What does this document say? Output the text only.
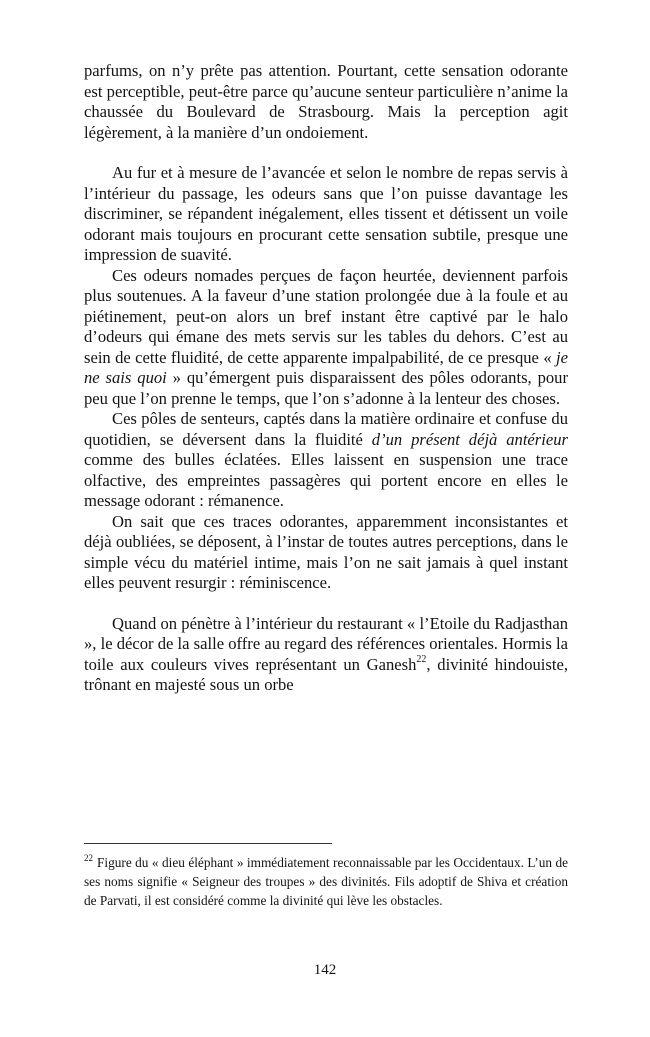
parfums, on n’y prête pas attention. Pourtant, cette sensation odorante est perceptible, peut-être parce qu’aucune senteur particulière n’anime la chaussée du Boulevard de Strasbourg. Mais la perception agit légèrement, à la manière d’un ondoiement.

Au fur et à mesure de l’avancée et selon le nombre de repas servis à l’intérieur du passage, les odeurs sans que l’on puisse davantage les discriminer, se répandent inégalement, elles tissent et détissent un voile odorant mais toujours en procurant cette sensation subtile, presque une impression de suavité.

Ces odeurs nomades perçues de façon heurtée, deviennent parfois plus soutenues. A la faveur d’une station prolongée due à la foule et au piétinement, peut-on alors un bref instant être captivé par le halo d’odeurs qui émane des mets servis sur les tables du dehors. C’est au sein de cette fluidité, de cette apparente impalpabilité, de ce presque « je ne sais quoi » qu’émergent puis disparaissent des pôles odorants, pour peu que l’on prenne le temps, que l’on s’adonne à la lenteur des choses.

Ces pôles de senteurs, captés dans la matière ordinaire et confuse du quotidien, se déversent dans la fluidité d’un présent déjà antérieur comme des bulles éclatées. Elles laissent en suspension une trace olfactive, des empreintes passagères qui portent encore en elles le message odorant : rémanence.

On sait que ces traces odorantes, apparemment inconsistantes et déjà oubliées, se déposent, à l’instar de toutes autres perceptions, dans le simple vécu du matériel intime, mais l’on ne sait jamais à quel instant elles peuvent resurgir : réminiscence.

Quand on pénètre à l’intérieur du restaurant « l’Etoile du Radjasthan », le décor de la salle offre au regard des références orientales. Hormis la toile aux couleurs vives représentant un Ganesh$^{22}$, divinité hindouiste, trônant en majesté sous un orbe

$^{22}$ Figure du « dieu éléphant » immédiatement reconnaissable par les Occidentaux. L’un de ses noms signifie « Seigneur des troupes » des divinités. Fils adoptif de Shiva et création de Parvati, il est considéré comme la divinité qui lève les obstacles.

142
